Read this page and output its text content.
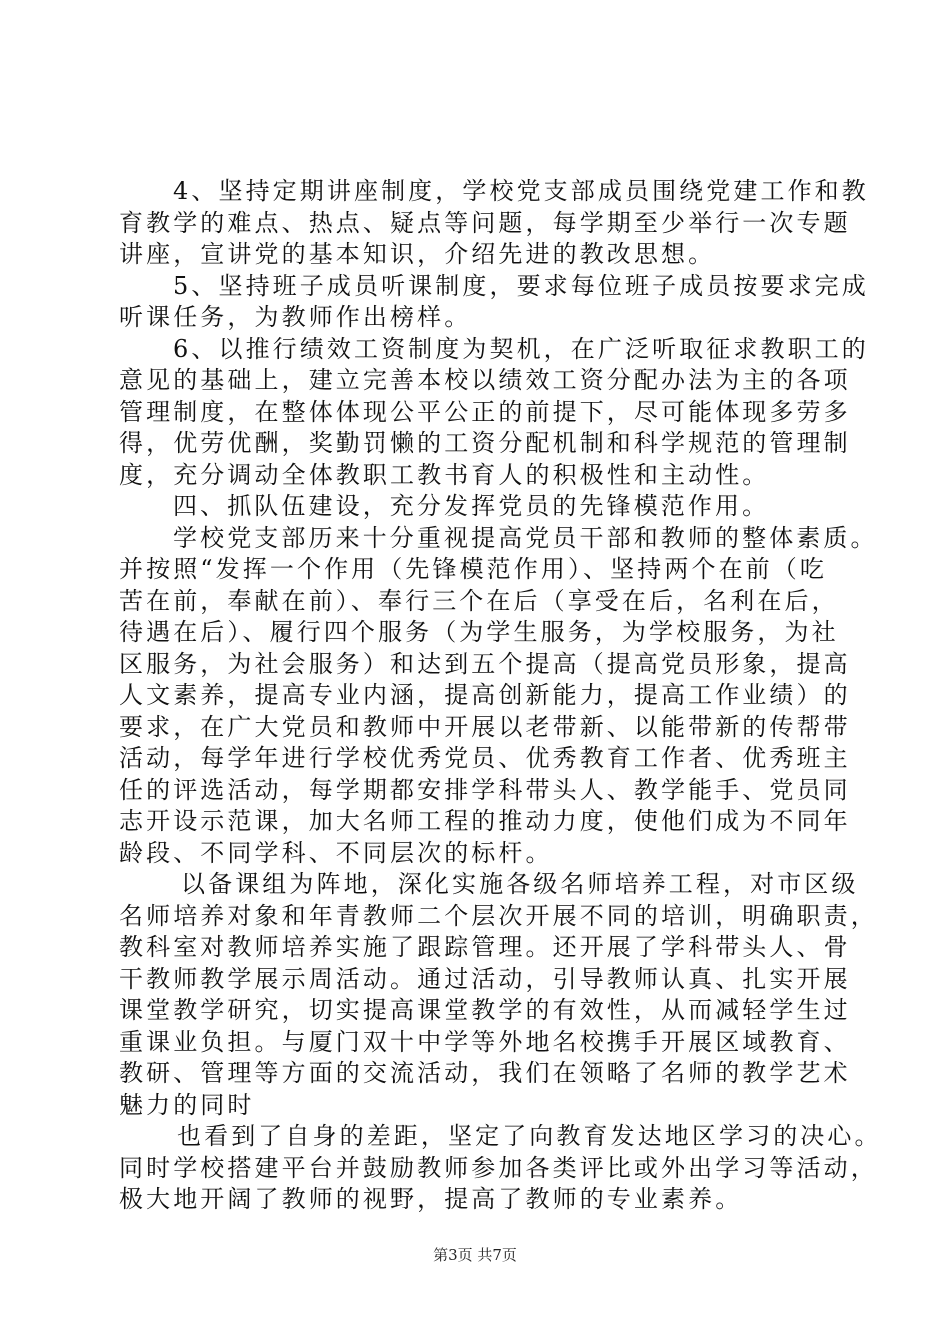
4、坚持定期讲座制度，学校党支部成员围绕党建工作和教
育教学的难点、热点、疑点等问题，每学期至少举行一次专题
讲座，宣讲党的基本知识，介绍先进的教改思想。
5、坚持班子成员听课制度，要求每位班子成员按要求完成
听课任务，为教师作出榜样。
6、以推行绩效工资制度为契机，在广泛听取征求教职工的
意见的基础上，建立完善本校以绩效工资分配办法为主的各项
管理制度，在整体体现公平公正的前提下，尽可能体现多劳多
得，优劳优酬，奖勤罚懒的工资分配机制和科学规范的管理制
度，充分调动全体教职工教书育人的积极性和主动性。
四、抓队伍建设，充分发挥党员的先锋模范作用。
学校党支部历来十分重视提高党员干部和教师的整体素质。
并按照“发挥一个作用（先锋模范作用）、坚持两个在前（吃
苦在前，奉献在前）、奉行三个在后（享受在后，名利在后，
待遇在后）、履行四个服务（为学生服务，为学校服务，为社
区服务，为社会服务）和达到五个提高（提高党员形象，提高
人文素养，提高专业内涵，提高创新能力，提高工作业绩）的
要求，在广大党员和教师中开展以老带新、以能带新的传帮带
活动，每学年进行学校优秀党员、优秀教育工作者、优秀班主
任的评选活动，每学期都安排学科带头人、教学能手、党员同
志开设示范课，加大名师工程的推动力度，使他们成为不同年
龄段、不同学科、不同层次的标杆。
以备课组为阵地，深化实施各级名师培养工程，对市区级
名师培养对象和年青教师二个层次开展不同的培训，明确职责，
教科室对教师培养实施了跟踪管理。还开展了学科带头人、骨
干教师教学展示周活动。通过活动，引导教师认真、扎实开展
课堂教学研究，切实提高课堂教学的有效性，从而减轻学生过
重课业负担。与厦门双十中学等外地名校携手开展区域教育、
教研、管理等方面的交流活动，我们在领略了名师的教学艺术
魅力的同时
也看到了自身的差距，坚定了向教育发达地区学习的决心。
同时学校搭建平台并鼓励教师参加各类评比或外出学习等活动，
极大地开阔了教师的视野，提高了教师的专业素养。
第3页 共7页
